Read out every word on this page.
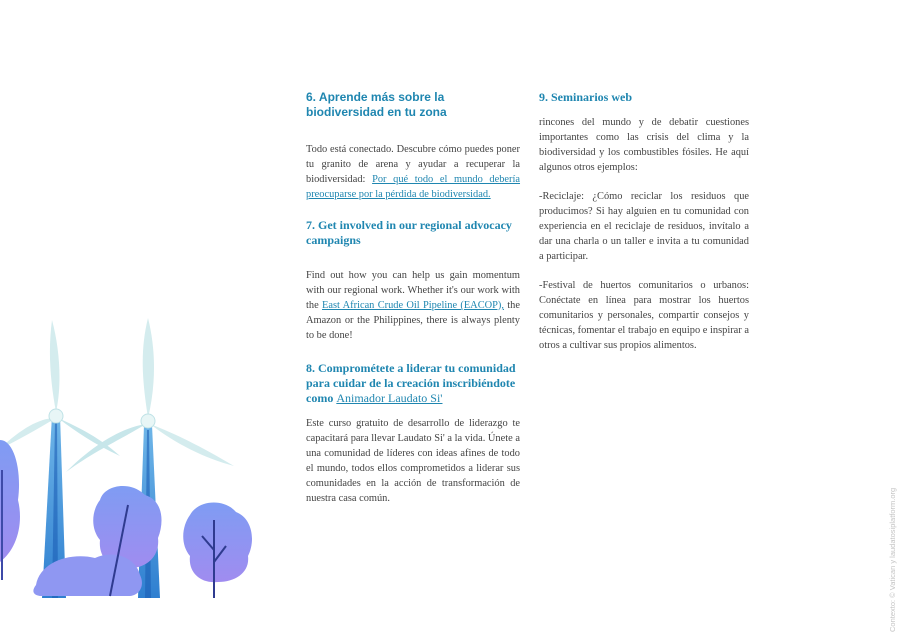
6. Aprende más sobre la biodiversidad en tu zona

Todo está conectado. Descubre cómo puedes poner tu granito de arena y ayudar a recuperar la biodiversidad: Por qué todo el mundo debería preocuparse por la pérdida de biodiversidad.

7. Get involved in our regional advocacy campaigns

Find out how you can help us gain momentum with our regional work. Whether it's our work with the East African Crude Oil Pipeline (EACOP), the Amazon or the Philippines, there is always plenty to be done!

8. Comprométete a liderar tu comunidad para cuidar de la creación inscribiéndote como Animador Laudato Si'

Este curso gratuito de desarrollo de liderazgo te capacitará para llevar Laudato Si' a la vida. Únete a una comunidad de líderes con ideas afines de todo el mundo, todos ellos comprometidos a liderar sus comunidades en la acción de transformación de nuestra casa común.

9. Seminarios web

rincones del mundo y de debatir cuestiones importantes como las crisis del clima y la biodiversidad y los combustibles fósiles. He aquí algunos otros ejemplos:

-Reciclaje: ¿Cómo reciclar los residuos que producimos? Si hay alguien en tu comunidad con experiencia en el reciclaje de residuos, invítalo a dar una charla o un taller e invita a tu comunidad a participar.

-Festival de huertos comunitarios o urbanos: Conéctate en línea para mostrar los huertos comunitarios y personales, compartir consejos y técnicas, fomentar el trabajo en equipo e inspirar a otros a cultivar sus propios alimentos.

Contexto: © Vatican y laudatosiplatform.org
